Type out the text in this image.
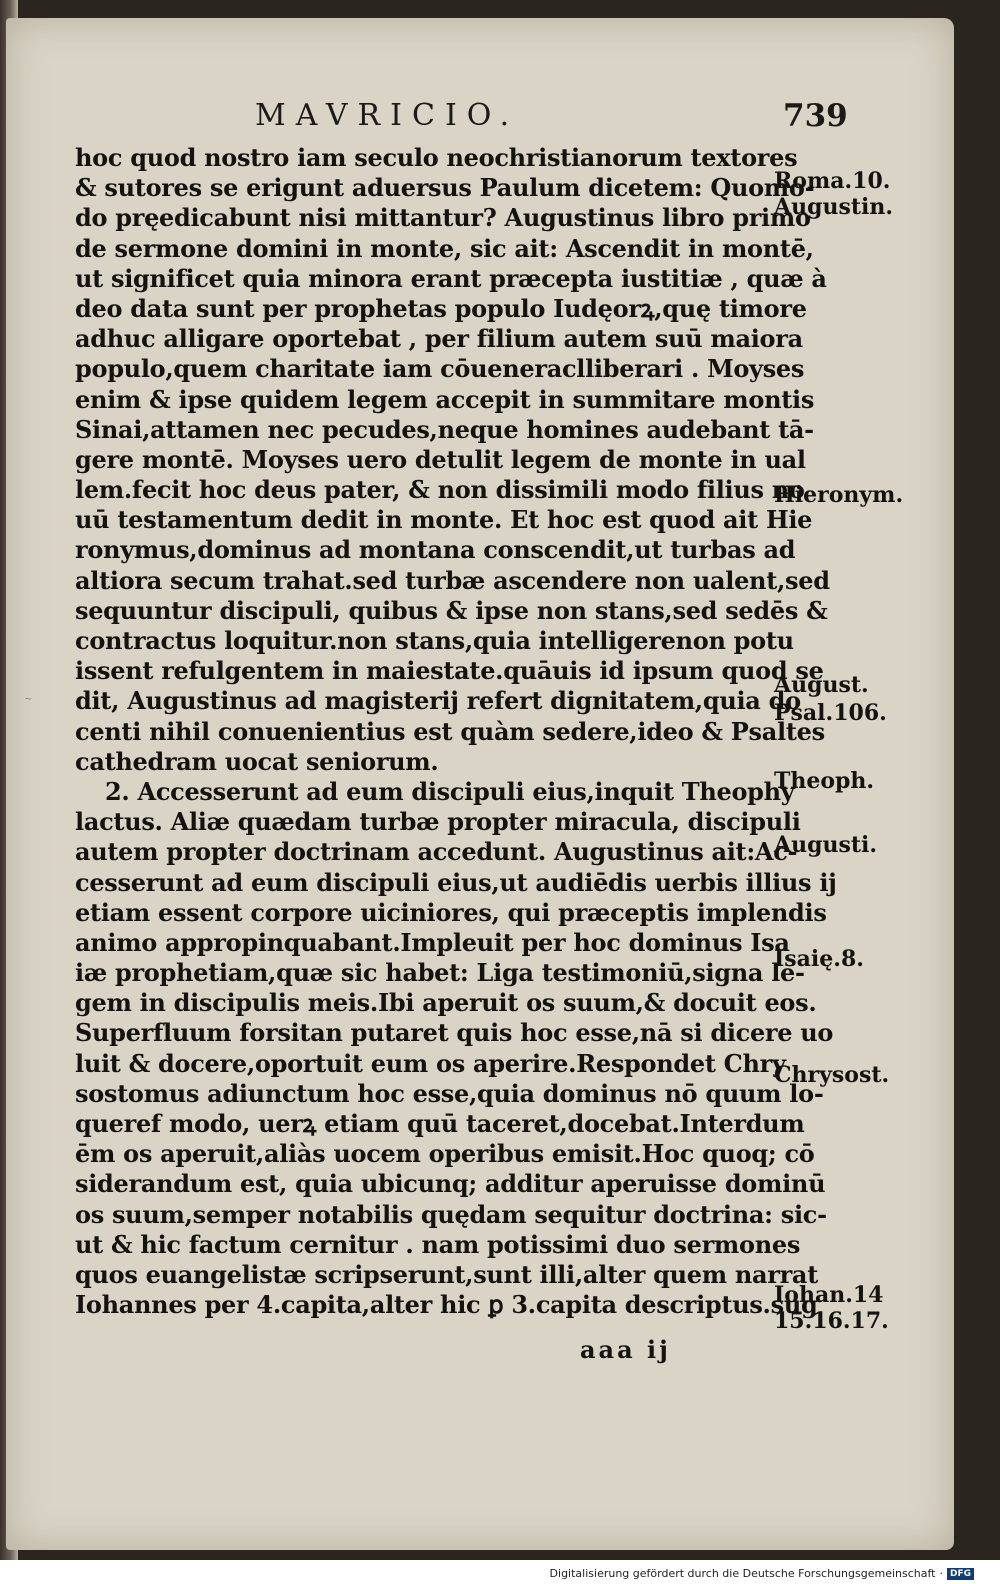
MAVRICIO.	739
hoc quod nostro iam seculo neochristianorum textores
& sutores se erigunt aduersus Paulum dicetem: Quomo-
do pręedicabunt nisi mittantur? Augustinus libro primo
de sermone domini in monte, sic ait: Ascendit in montē,
ut significet quia minora erant præcepta iustitiæ , quæ à
deo data sunt per prophetas populo Iudęorꝝ,quę timore
adhuc alligare oportebat , per filium autem suū maiora
populo,quem charitate iam cōueneraclliberari . Moyses
enim & ipse quidem legem accepit in summitare montis
Sinai,attamen nec pecudes,neque homines audebant tā-
gere montē. Moyses uero detulit legem de monte in ual
lem.fecit hoc deus pater, & non dissimili modo filius no
uū testamentum dedit in monte. Et hoc est quod ait Hie
ronymus,dominus ad montana conscendit,ut turbas ad
altiora secum trahat.sed turbæ ascendere non ualent,sed
sequuntur discipuli, quibus & ipse non stans,sed sedēs &
contractus loquitur.non stans,quia intelligerenon potu
issent refulgentem in maiestate.quāuis id ipsum quod se
dit, Augustinus ad magisterij refert dignitatem,quia do
centi nihil conuenientius est quàm sedere,ideo & Psaltes
cathedram uocat seniorum.
2. Accesserunt ad eum discipuli eius,inquit Theophy
lactus. Aliæ quædam turbæ propter miracula, discipuli
autem propter doctrinam accedunt. Augustinus ait:Ac-
cesserunt ad eum discipuli eius,ut audiēdis uerbis illius ij
etiam essent corpore uiciniores, qui præceptis implendis
animo appropinquabant.Impleuit per hoc dominus Isa
iæ prophetiam,quæ sic habet: Liga testimoniū,signa le-
gem in discipulis meis.Ibi aperuit os suum,& docuit eos.
Superfluum forsitan putaret quis hoc esse,nā si dicere uo
luit & docere,oportuit eum os aperire.Respondet Chry
sostomus adiunctum hoc esse,quia dominus nō quum lo-
queref modo, uerꝝ etiam quū taceret,docebat.Interdum
ēm os aperuit,aliàs uocem operibus emisit.Hoc quoq; cō
siderandum est, quia ubicunq; additur aperuisse dominū
os suum,semper notabilis quędam sequitur doctrina: sic-
ut & hic factum cernitur . nam potissimi duo sermones
quos euangelistæ scripserunt,sunt illi,alter quem narrat
Iohannes per 4.capita,alter hic ꝑ 3.capita descriptus.sug
Roma.10.
Augustin.
Hieronym.
August.
Psal.106.
Theoph.
Augusti.
Isaię.8.
Chrysost.
Iohan.14
15.16.17.
aaa ij
~
Digitalisierung gefördert durch die Deutsche Forschungsgemeinschaft · DFG
